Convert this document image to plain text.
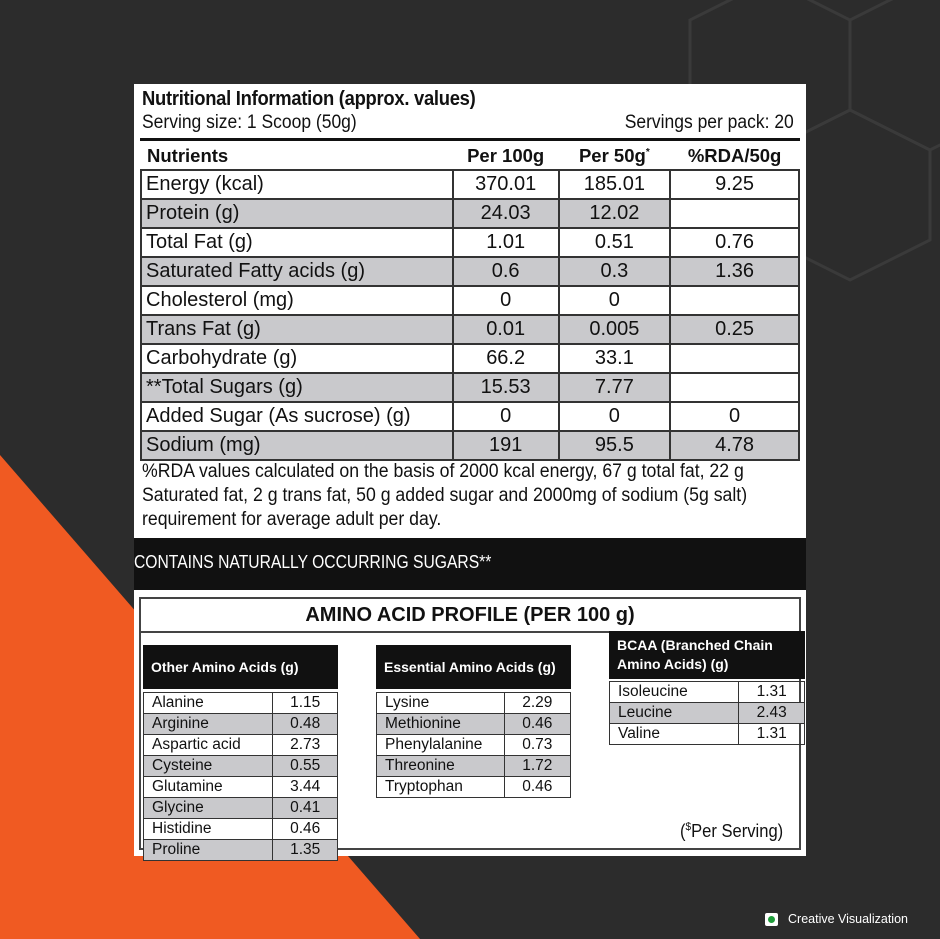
Nutritional Information (approx. values)
Serving size: 1 Scoop (50g)	Servings per pack: 20
Nutrients	Per 100g	Per 50g*	%RDA/50g
Energy (kcal)	370.01	185.01	9.25
Protein (g)	24.03	12.02	
Total Fat (g)	1.01	0.51	0.76
Saturated Fatty acids (g)	0.6	0.3	1.36
Cholesterol (mg)	0	0	
Trans Fat (g)	0.01	0.005	0.25
Carbohydrate (g)	66.2	33.1	
**Total Sugars (g)	15.53	7.77	
Added Sugar (As sucrose) (g)	0	0	0
Sodium (mg)	191	95.5	4.78
%RDA values calculated on the basis of 2000 kcal energy, 67 g total fat, 22 g Saturated fat, 2 g trans fat, 50 g added sugar and 2000mg of sodium (5g salt) requirement for average adult per day.
CONTAINS NATURALLY OCCURRING SUGARS**
AMINO ACID PROFILE (PER 100 g)
Other Amino Acids (g)
Alanine	1.15
Arginine	0.48
Aspartic acid	2.73
Cysteine	0.55
Glutamine	3.44
Glycine	0.41
Histidine	0.46
Proline	1.35
Essential Amino Acids (g)
Lysine	2.29
Methionine	0.46
Phenylalanine	0.73
Threonine	1.72
Tryptophan	0.46
BCAA (Branched Chain
Amino Acids) (g)
Isoleucine	1.31
Leucine	2.43
Valine	1.31
($Per Serving)
Creative Visualization
